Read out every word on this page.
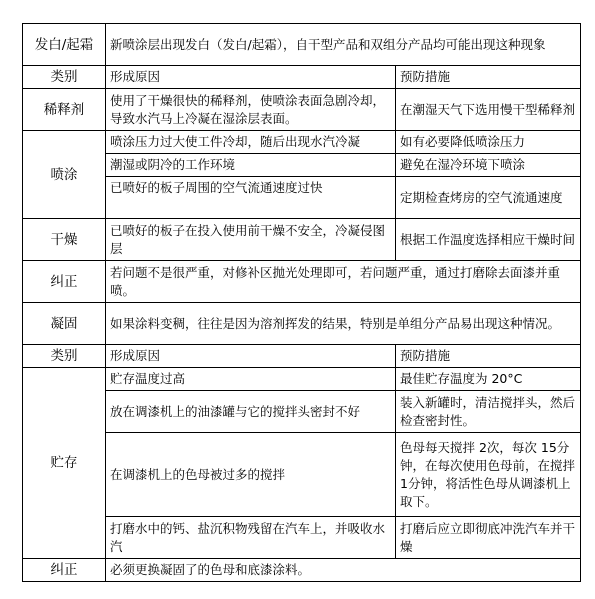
发白/起霜	新喷涂层出现发白（发白/起霜），自干型产品和双组分产品均可能出现这种现象	
类别	形成原因	预防措施
稀释剂	使用了干燥很快的稀释剂，使喷涂表面急剧冷却，导致水汽马上冷凝在湿涂层表面。	在潮湿天气下选用慢干型稀释剂
喷涂	喷涂压力过大使工件冷却，随后出现水汽冷凝	如有必要降低喷涂压力
	潮湿或阴冷的工作环境	避免在湿冷环境下喷涂
	已喷好的板子周围的空气流通速度过快	定期检查烤房的空气流通速度
干燥	已喷好的板子在投入使用前干燥不安全，冷凝侵图层	根据工作温度选择相应干燥时间
纠正	若问题不是很严重，对修补区抛光处理即可，若问题严重，通过打磨除去面漆并重喷。	
凝固	如果涂料变稠，往往是因为溶剂挥发的结果，特别是单组分产品易出现这种情况。	
类别	形成原因	预防措施
贮存	贮存温度过高	最佳贮存温度为 20°C
	放在调漆机上的油漆罐与它的搅拌头密封不好	装入新罐时，清洁搅拌头，然后检查密封性。
	在调漆机上的色母被过多的搅拌	色母每天搅拌 2次，每次 15分钟，在每次使用色母前，在搅拌 1分钟，将活性色母从调漆机上取下。
	打磨水中的钙、盐沉积物残留在汽车上，并吸收水汽	打磨后应立即彻底冲洗汽车并干燥
纠正	必须更换凝固了的色母和底漆涂料。	
